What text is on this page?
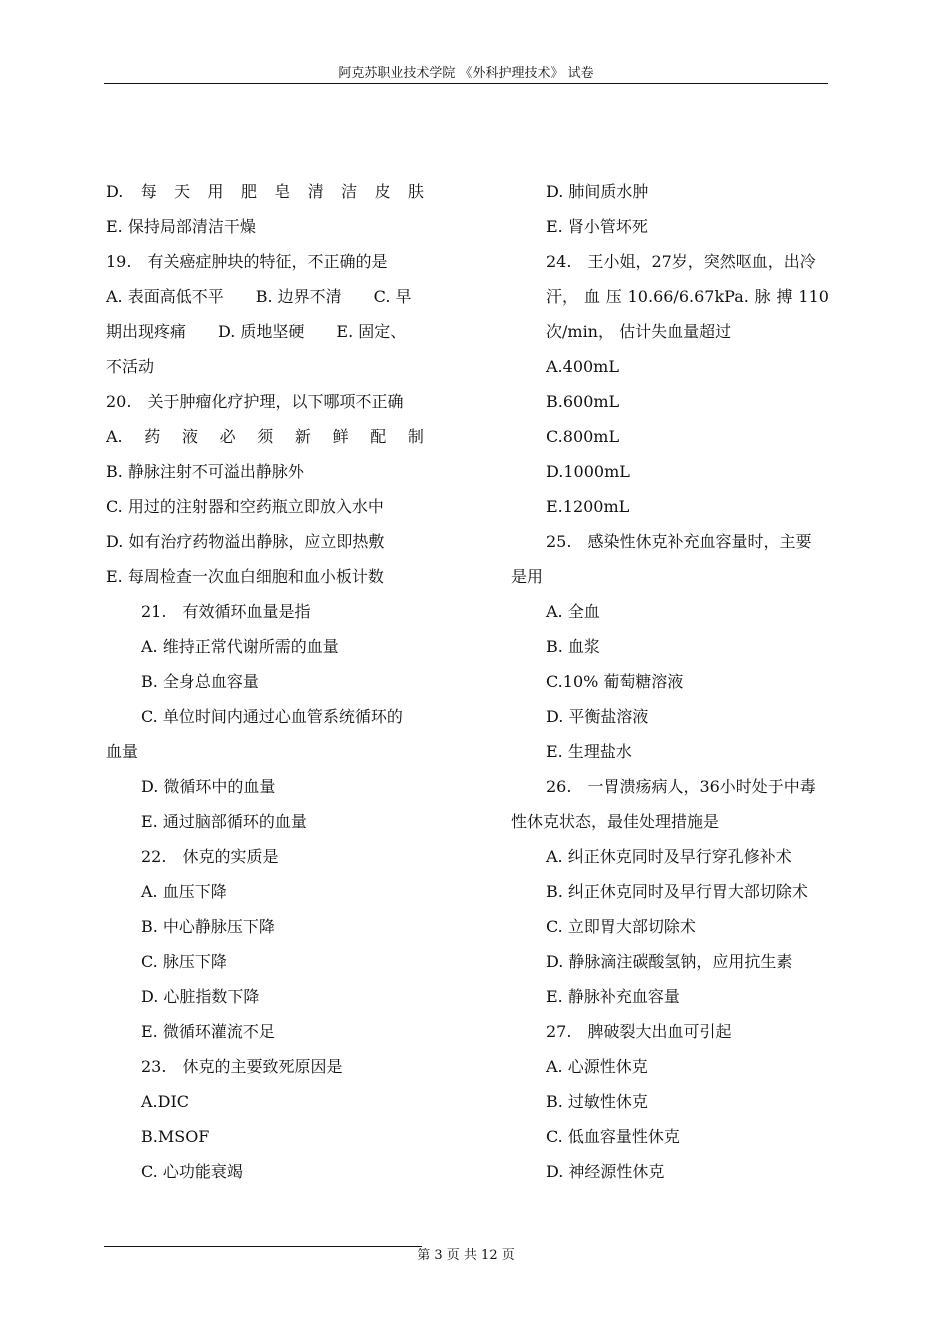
阿克苏职业技术学院 《外科护理技术》 试卷
D. 每 天 用 肥 皂 清 洁 皮 肤
E. 保持局部清洁干燥
19.　有关癌症肿块的特征，不正确的是
A. 表面高低不平　　B. 边界不清　　C. 早
期出现疼痛　　D. 质地坚硬　　E. 固定、
不活动
20.　关于肿瘤化疗护理，以下哪项不正确
A. 药 液 必 须 新 鲜 配 制
B. 静脉注射不可溢出静脉外
C. 用过的注射器和空药瓶立即放入水中
D. 如有治疗药物溢出静脉，应立即热敷
E. 每周检查一次血白细胞和血小板计数
21.　有效循环血量是指
A. 维持正常代谢所需的血量
B. 全身总血容量
C. 单位时间内通过心血管系统循环的
血量
D. 微循环中的血量
E. 通过脑部循环的血量
22.　休克的实质是
A. 血压下降
B. 中心静脉压下降
C. 脉压下降
D. 心脏指数下降
E. 微循环灌流不足
23.　休克的主要致死原因是
A.DIC
B.MSOF
C. 心功能衰竭
D. 肺间质水肿
E. 肾小管坏死
24.　王小姐，27岁，突然呕血，出冷
汗， 血 压 10.66/6.67kPa. 脉 搏 110
次/min， 估计失血量超过
A.400mL
B.600mL
C.800mL
D.1000mL
E.1200mL
25.　感染性休克补充血容量时，主要
是用
A. 全血
B. 血浆
C.10% 葡萄糖溶液
D. 平衡盐溶液
E. 生理盐水
26.　一胃溃疡病人，36小时处于中毒
性休克状态，最佳处理措施是
A. 纠正休克同时及早行穿孔修补术
B. 纠正休克同时及早行胃大部切除术
C. 立即胃大部切除术
D. 静脉滴注碳酸氢钠，应用抗生素
E. 静脉补充血容量
27.　脾破裂大出血可引起
A. 心源性休克
B. 过敏性休克
C. 低血容量性休克
D. 神经源性休克
第 3 页 共 12 页
